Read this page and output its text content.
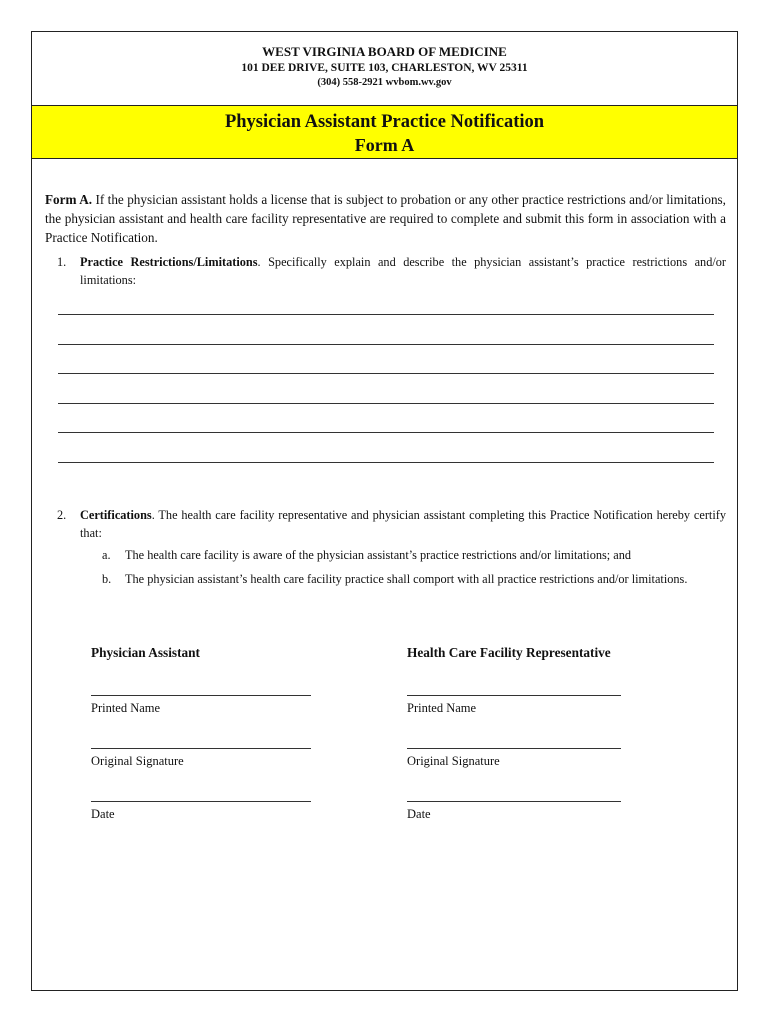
WEST VIRGINIA BOARD OF MEDICINE
101 DEE DRIVE, SUITE 103, CHARLESTON, WV 25311
(304) 558-2921 wvbom.wv.gov
Physician Assistant Practice Notification
Form A
Form A. If the physician assistant holds a license that is subject to probation or any other practice restrictions and/or limitations, the physician assistant and health care facility representative are required to complete and submit this form in association with a Practice Notification.
1. Practice Restrictions/Limitations. Specifically explain and describe the physician assistant’s practice restrictions and/or limitations:
2. Certifications. The health care facility representative and physician assistant completing this Practice Notification hereby certify that:
a. The health care facility is aware of the physician assistant’s practice restrictions and/or limitations; and
b. The physician assistant’s health care facility practice shall comport with all practice restrictions and/or limitations.
Physician Assistant
Printed Name
Original Signature
Date
Health Care Facility Representative
Printed Name
Original Signature
Date
